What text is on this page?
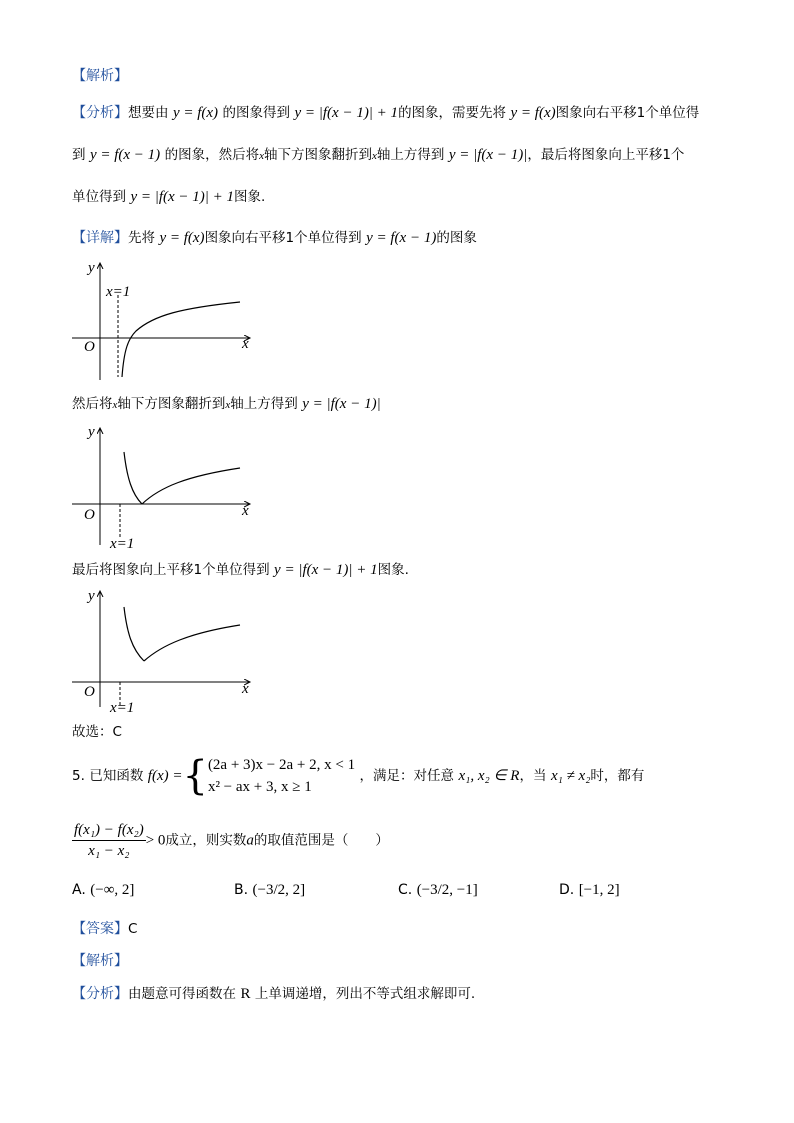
【解析】
【分析】想要由 y = f(x) 的图象得到 y = |f(x − 1)| + 1的图象，需要先将 y = f(x)图象向右平移1个单位得
到 y = f(x − 1) 的图象，然后将x轴下方图象翻折到x轴上方得到 y = |f(x − 1)|，最后将图象向上平移1个
单位得到 y = |f(x − 1)| + 1图象.
【详解】先将 y = f(x)图象向右平移1个单位得到 y = f(x − 1)的图象
y
x
O
x=1
然后将x轴下方图象翻折到x轴上方得到 y = |f(x − 1)|
y
x
O
x=1
最后将图象向上平移1个单位得到 y = |f(x − 1)| + 1图象.
y
x
O
x=1
故选：C
5. 已知函数 f(x) ={ (2a + 3)x − 2a + 2, x < 1
x² − ax + 3, x ≥ 1
，满足：对任意 x₁, x₂ ∈ R，当 x₁ ≠ x₂时，都有
$\frac{\text{f(x₁) − f(x₂)}}{\text{x₁ − x₂}} > 0$成立，则实数a的取值范围是（　　）
A. (−∞, 2]	B. (−3/2, 2]	C. (−3/2, −1]	D. [−1, 2]
【答案】C
【解析】
【分析】由题意可得函数在 R 上单调递增，列出不等式组求解即可.
